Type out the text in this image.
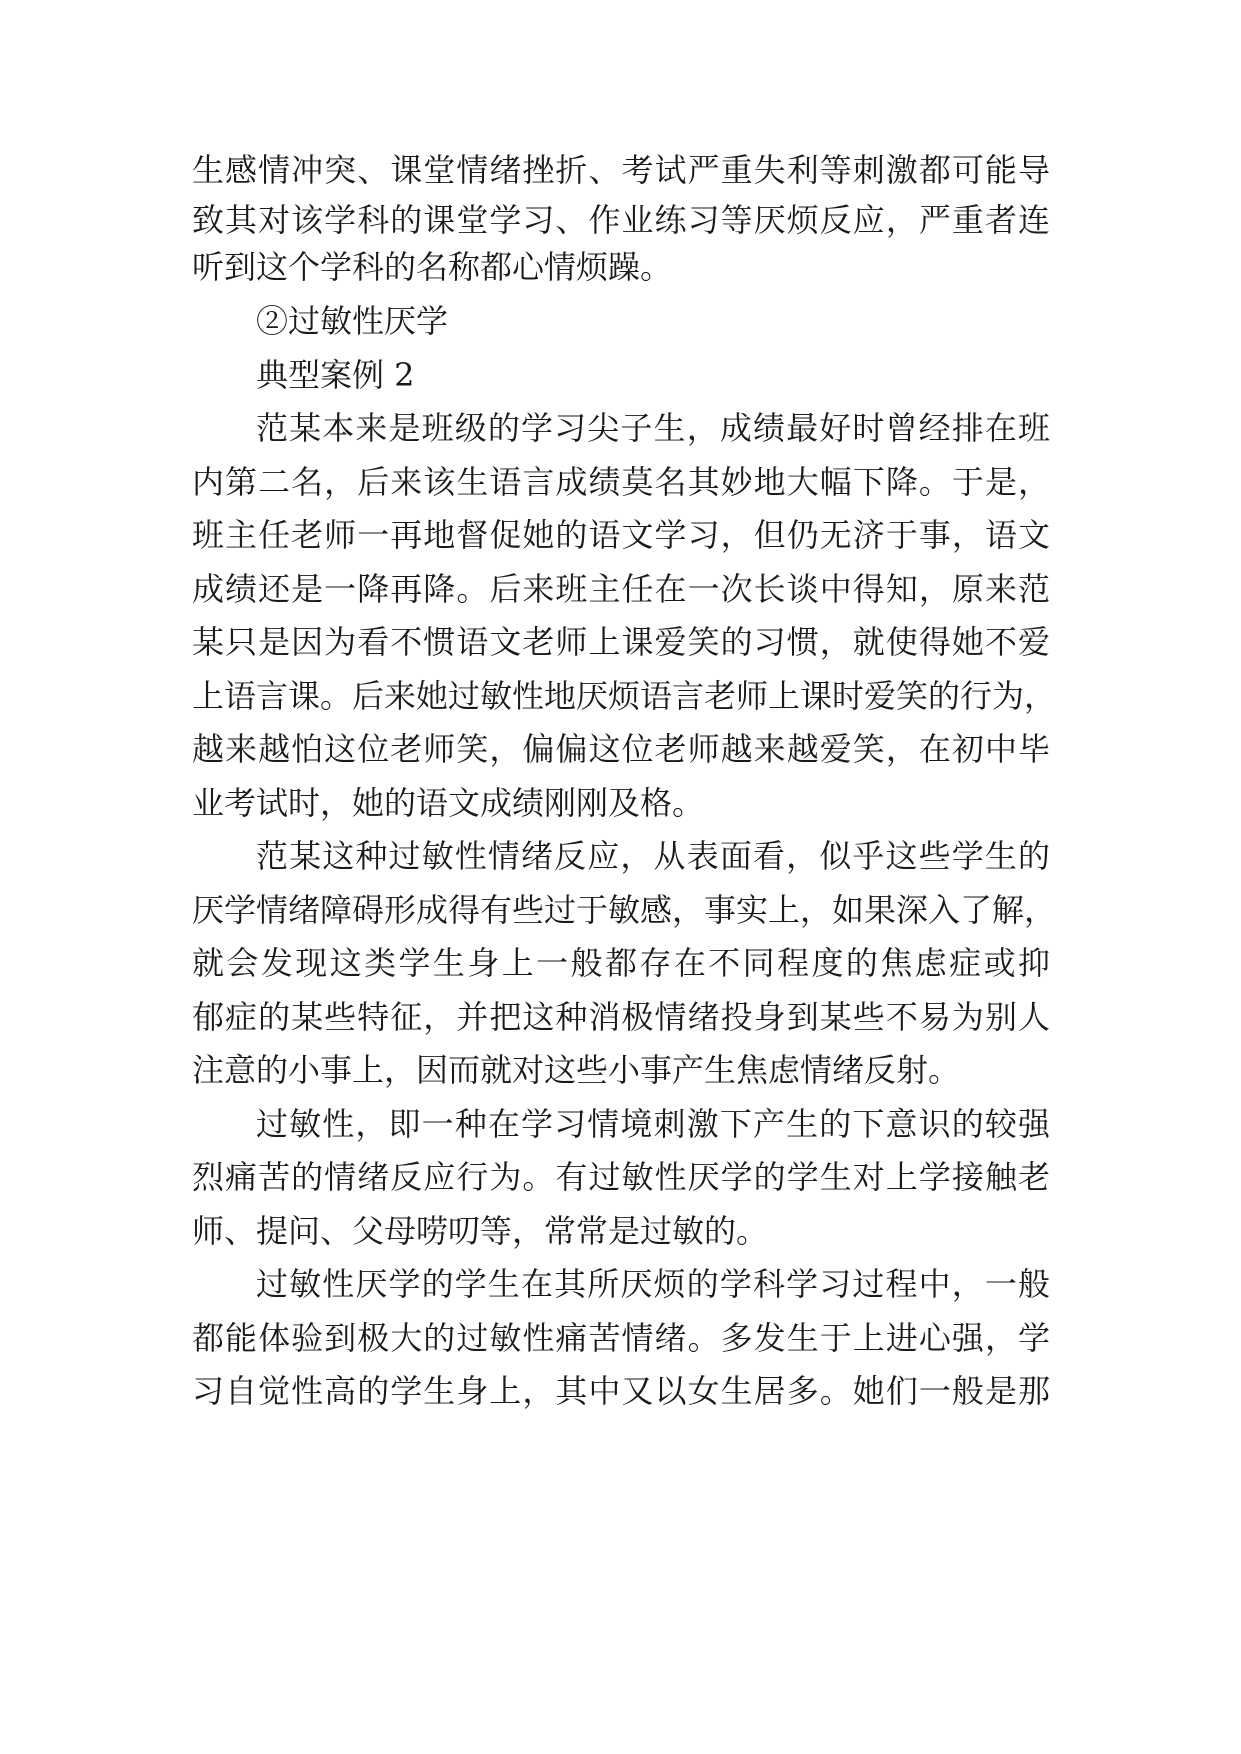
生感情冲突、课堂情绪挫折、考试严重失利等刺激都可能导
致其对该学科的课堂学习、作业练习等厌烦反应，严重者连
听到这个学科的名称都心情烦躁。
②过敏性厌学
典型案例 2
范某本来是班级的学习尖子生，成绩最好时曾经排在班
内第二名，后来该生语言成绩莫名其妙地大幅下降。于是，
班主任老师一再地督促她的语文学习，但仍无济于事，语文
成绩还是一降再降。后来班主任在一次长谈中得知，原来范
某只是因为看不惯语文老师上课爱笑的习惯，就使得她不爱
上语言课。后来她过敏性地厌烦语言老师上课时爱笑的行为，
越来越怕这位老师笑，偏偏这位老师越来越爱笑，在初中毕
业考试时，她的语文成绩刚刚及格。
范某这种过敏性情绪反应，从表面看，似乎这些学生的
厌学情绪障碍形成得有些过于敏感，事实上，如果深入了解，
就会发现这类学生身上一般都存在不同程度的焦虑症或抑
郁症的某些特征，并把这种消极情绪投身到某些不易为别人
注意的小事上，因而就对这些小事产生焦虑情绪反射。
过敏性，即一种在学习情境刺激下产生的下意识的较强
烈痛苦的情绪反应行为。有过敏性厌学的学生对上学接触老
师、提问、父母唠叨等，常常是过敏的。
过敏性厌学的学生在其所厌烦的学科学习过程中，一般
都能体验到极大的过敏性痛苦情绪。多发生于上进心强，学
习自觉性高的学生身上，其中又以女生居多。她们一般是那
